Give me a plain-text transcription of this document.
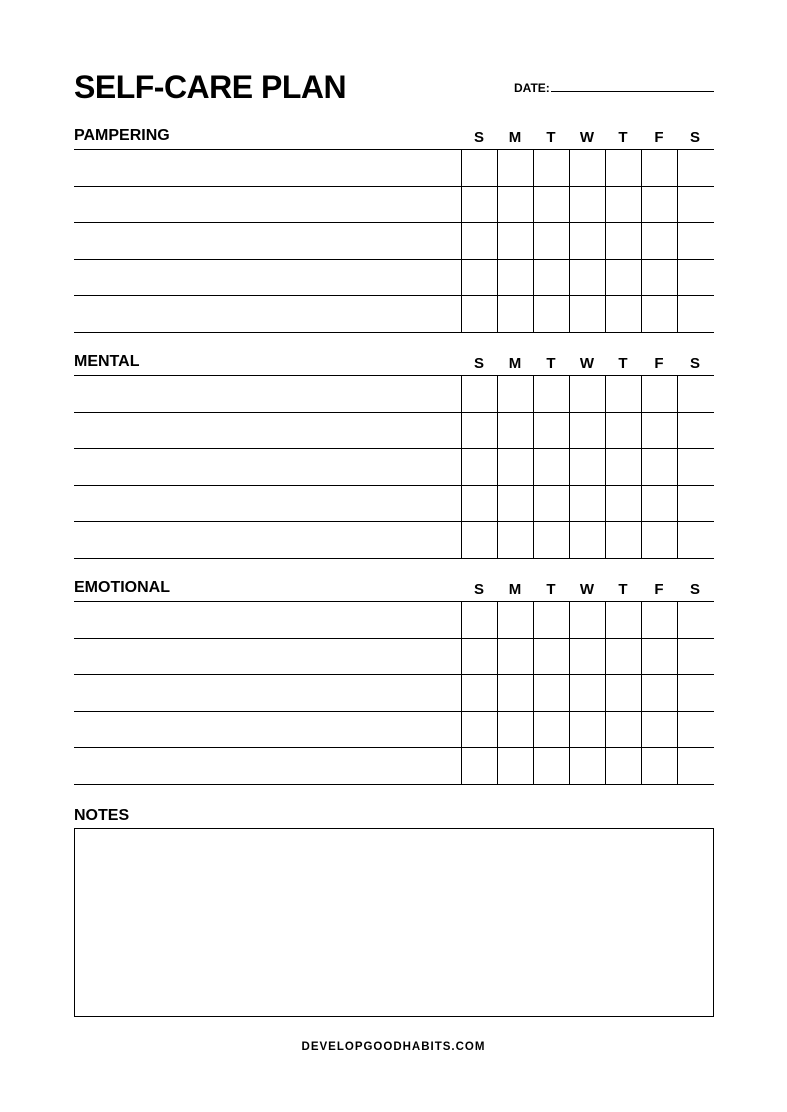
SELF-CARE PLAN	DATE:
PAMPERING	S	M	T	W	T	F	S
MENTAL	S	M	T	W	T	F	S
EMOTIONAL	S	M	T	W	T	F	S
NOTES
DEVELOPGOODHABITS.COM
